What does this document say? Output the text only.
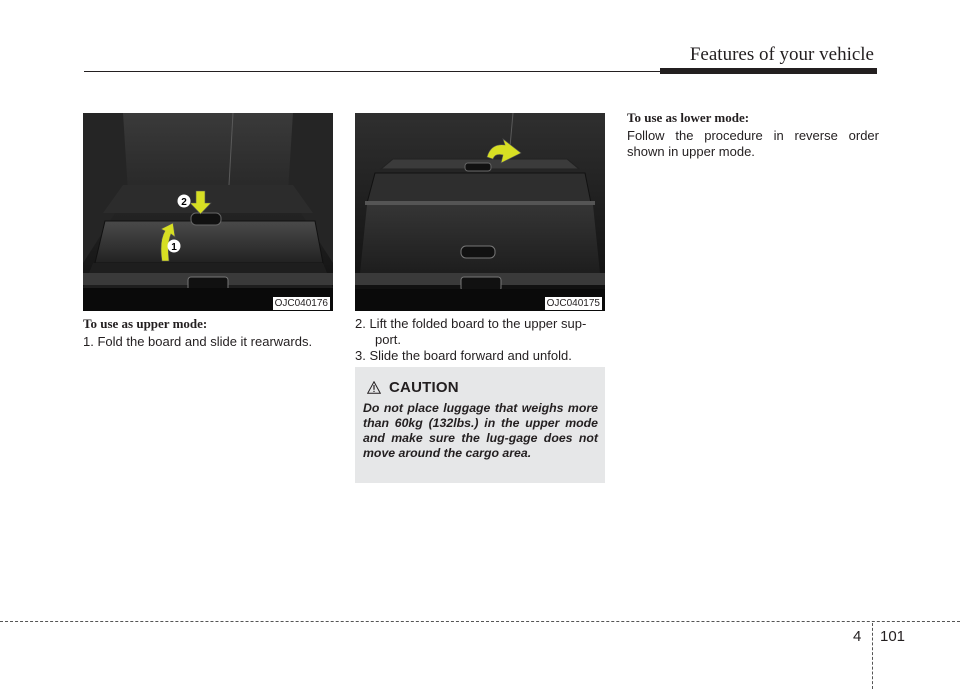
Features of your vehicle
1
2
OJC040176	OJC040175
To use as upper mode:
1. Fold the board and slide it rearwards.
2. Lift the folded board to the upper sup-
port.
3. Slide the board forward and unfold.
CAUTION
Do not place luggage that weighs more than 60kg (132lbs.) in the upper mode and make sure the lug-gage does not move around the cargo area.
To use as lower mode:
Follow the procedure in reverse order shown in upper mode.
4 101
